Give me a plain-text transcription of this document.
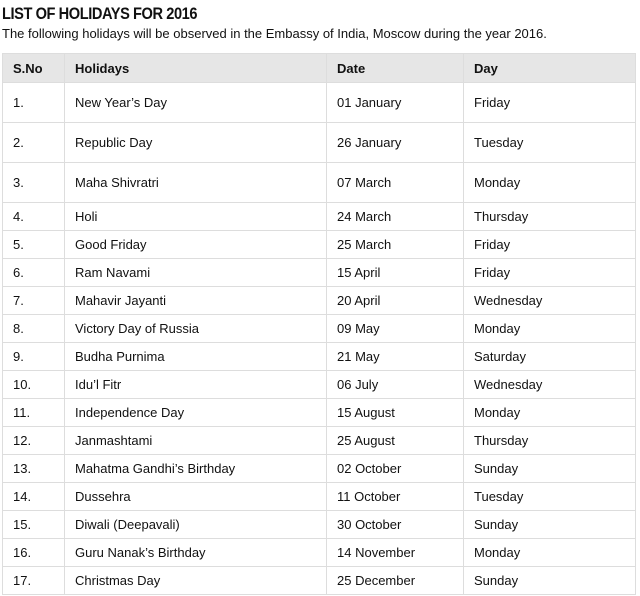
LIST OF HOLIDAYS FOR 2016
The following holidays will be observed in the Embassy of India, Moscow during the year 2016.
S.No	Holidays	Date	Day
1.	New Year’s Day	01 January	Friday
2.	Republic Day	26 January	Tuesday
3.	Maha Shivratri	07 March	Monday
4.	Holi	24 March	Thursday
5.	Good Friday	25 March	Friday
6.	Ram Navami	15 April	Friday
7.	Mahavir Jayanti	20 April	Wednesday
8.	Victory Day of Russia	09 May	Monday
9.	Budha Purnima	21 May	Saturday
10.	Idu’l Fitr	06 July	Wednesday
11.	Independence Day	15 August	Monday
12.	Janmashtami	25 August	Thursday
13.	Mahatma Gandhi’s Birthday	02 October	Sunday
14.	Dussehra	11 October	Tuesday
15.	Diwali (Deepavali)	30 October	Sunday
16.	Guru Nanak’s Birthday	14 November	Monday
17.	Christmas Day	25 December	Sunday
